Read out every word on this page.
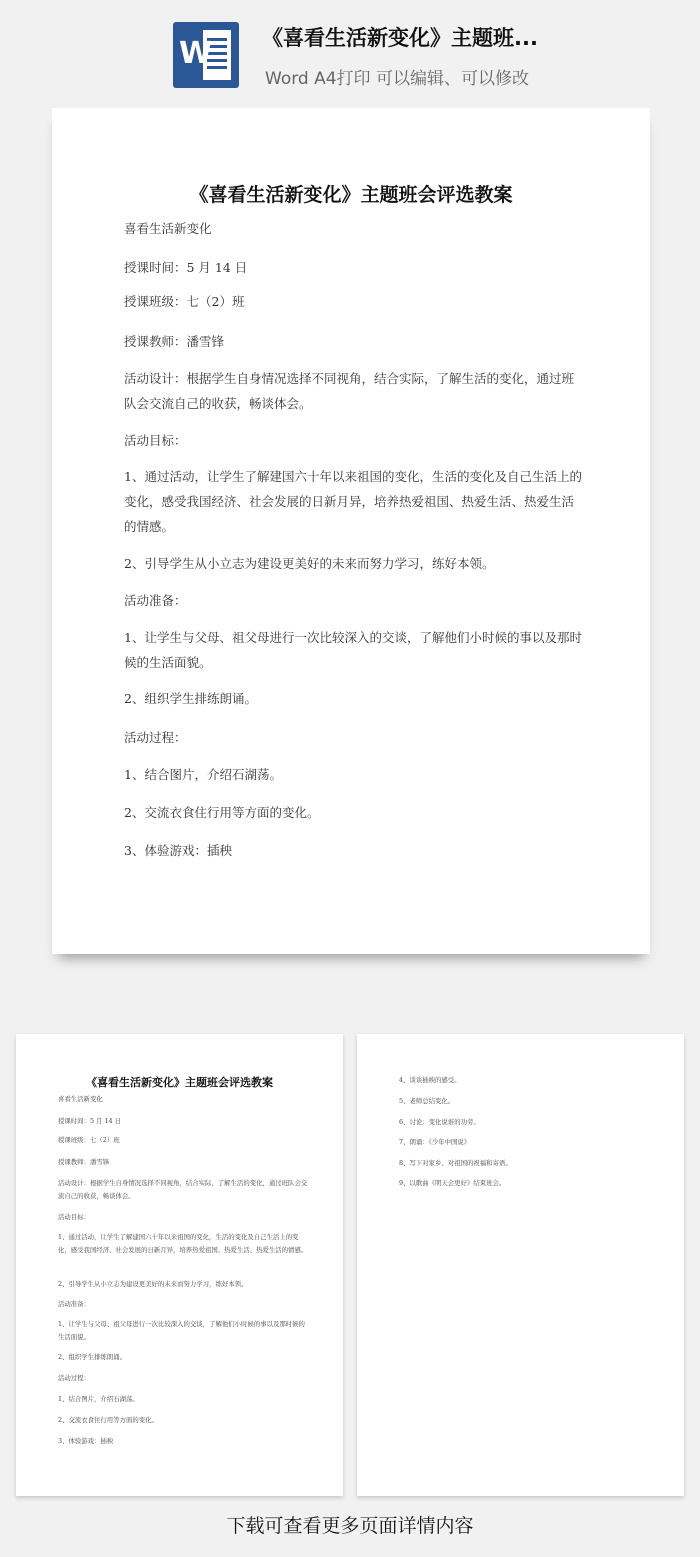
W 《喜看生活新变化》主题班...
Word A4打印 可以编辑、可以修改
《喜看生活新变化》主题班会评选教案
喜看生活新变化
授课时间：5 月 14 日
授课班级：七（2）班
授课教师：潘雪锋
活动设计：根据学生自身情况选择不同视角，结合实际，了解生活的变化，通过班队会交流自己的收获，畅谈体会。
活动目标：
1、通过活动，让学生了解建国六十年以来祖国的变化，生活的变化及自己生活上的变化，感受我国经济、社会发展的日新月异，培养热爱祖国、热爱生活、热爱生活的情感。
2、引导学生从小立志为建设更美好的未来而努力学习，练好本领。
活动准备：
1、让学生与父母、祖父母进行一次比较深入的交谈，了解他们小时候的事以及那时候的生活面貌。
2、组织学生排练朗诵。
活动过程：
1、结合图片，介绍石湖荡。
2、交流衣食住行用等方面的变化。
3、体验游戏：插秧
《喜看生活新变化》主题班会评选教案
喜看生活新变化
授课时间：5 月 14 日
授课班级：七（2）班
授课教师：潘雪锋
活动设计：根据学生自身情况选择不同视角，结合实际，了解生活的变化，通过班队会交流自己的收获，畅谈体会。
活动目标：
1、通过活动，让学生了解建国六十年以来祖国的变化，生活的变化及自己生活上的变化，感受我国经济、社会发展的日新月异，培养热爱祖国、热爱生活、热爱生活的情感。
2、引导学生从小立志为建设更美好的未来而努力学习，练好本领。
活动准备：
1、让学生与父母、祖父母进行一次比较深入的交谈，了解他们小时候的事以及那时候的生活面貌。
2、组织学生排练朗诵。
活动过程：
1、结合图片，介绍石湖荡。
2、交流衣食住行用等方面的变化。
3、体验游戏：插秧
4、谈谈插秧的感受。
5、老师总结变化。
6、讨论：变化说谁的功劳。
7、朗诵：《少年中国说》
8、写下对家乡、对祖国的祝福和寄语。
9、以歌曲《明天会更好》结束班会。
下载可查看更多页面详情内容
